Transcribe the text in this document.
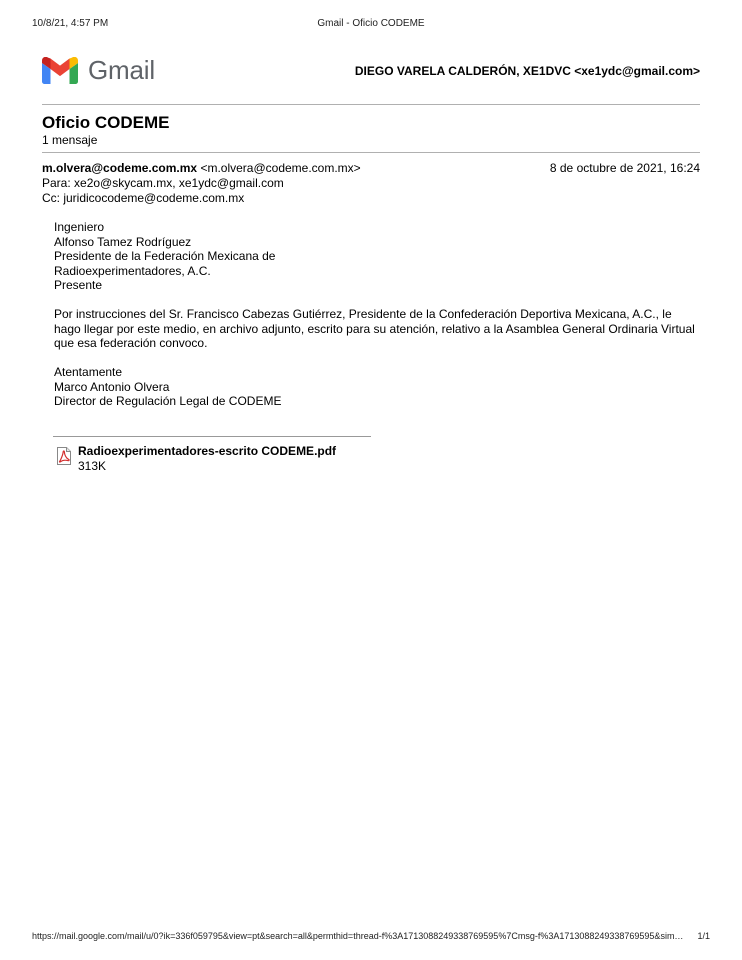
10/8/21, 4:57 PM	Gmail - Oficio CODEME
Gmail	DIEGO VARELA CALDERÓN, XE1DVC <xe1ydc@gmail.com>
Oficio CODEME
1 mensaje
m.olvera@codeme.com.mx <m.olvera@codeme.com.mx>	8 de octubre de 2021, 16:24
Para: xe2o@skycam.mx, xe1ydc@gmail.com
Cc: juridicocodeme@codeme.com.mx
Ingeniero
Alfonso Tamez Rodríguez
Presidente de la Federación Mexicana de
Radioexperimentadores, A.C.
Presente
Por instrucciones del Sr. Francisco Cabezas Gutiérrez, Presidente de la Confederación Deportiva Mexicana, A.C., le
hago llegar por este medio, en archivo adjunto, escrito para su atención, relativo a la Asamblea General Ordinaria Virtual
que esa federación convoco.
Atentamente
Marco Antonio Olvera
Director de Regulación Legal de CODEME
Radioexperimentadores-escrito CODEME.pdf
313K
https://mail.google.com/mail/u/0?ik=336f059795&view=pt&search=all&permthid=thread-f%3A1713088249338769595%7Cmsg-f%3A1713088249338769595&sim…	1/1
